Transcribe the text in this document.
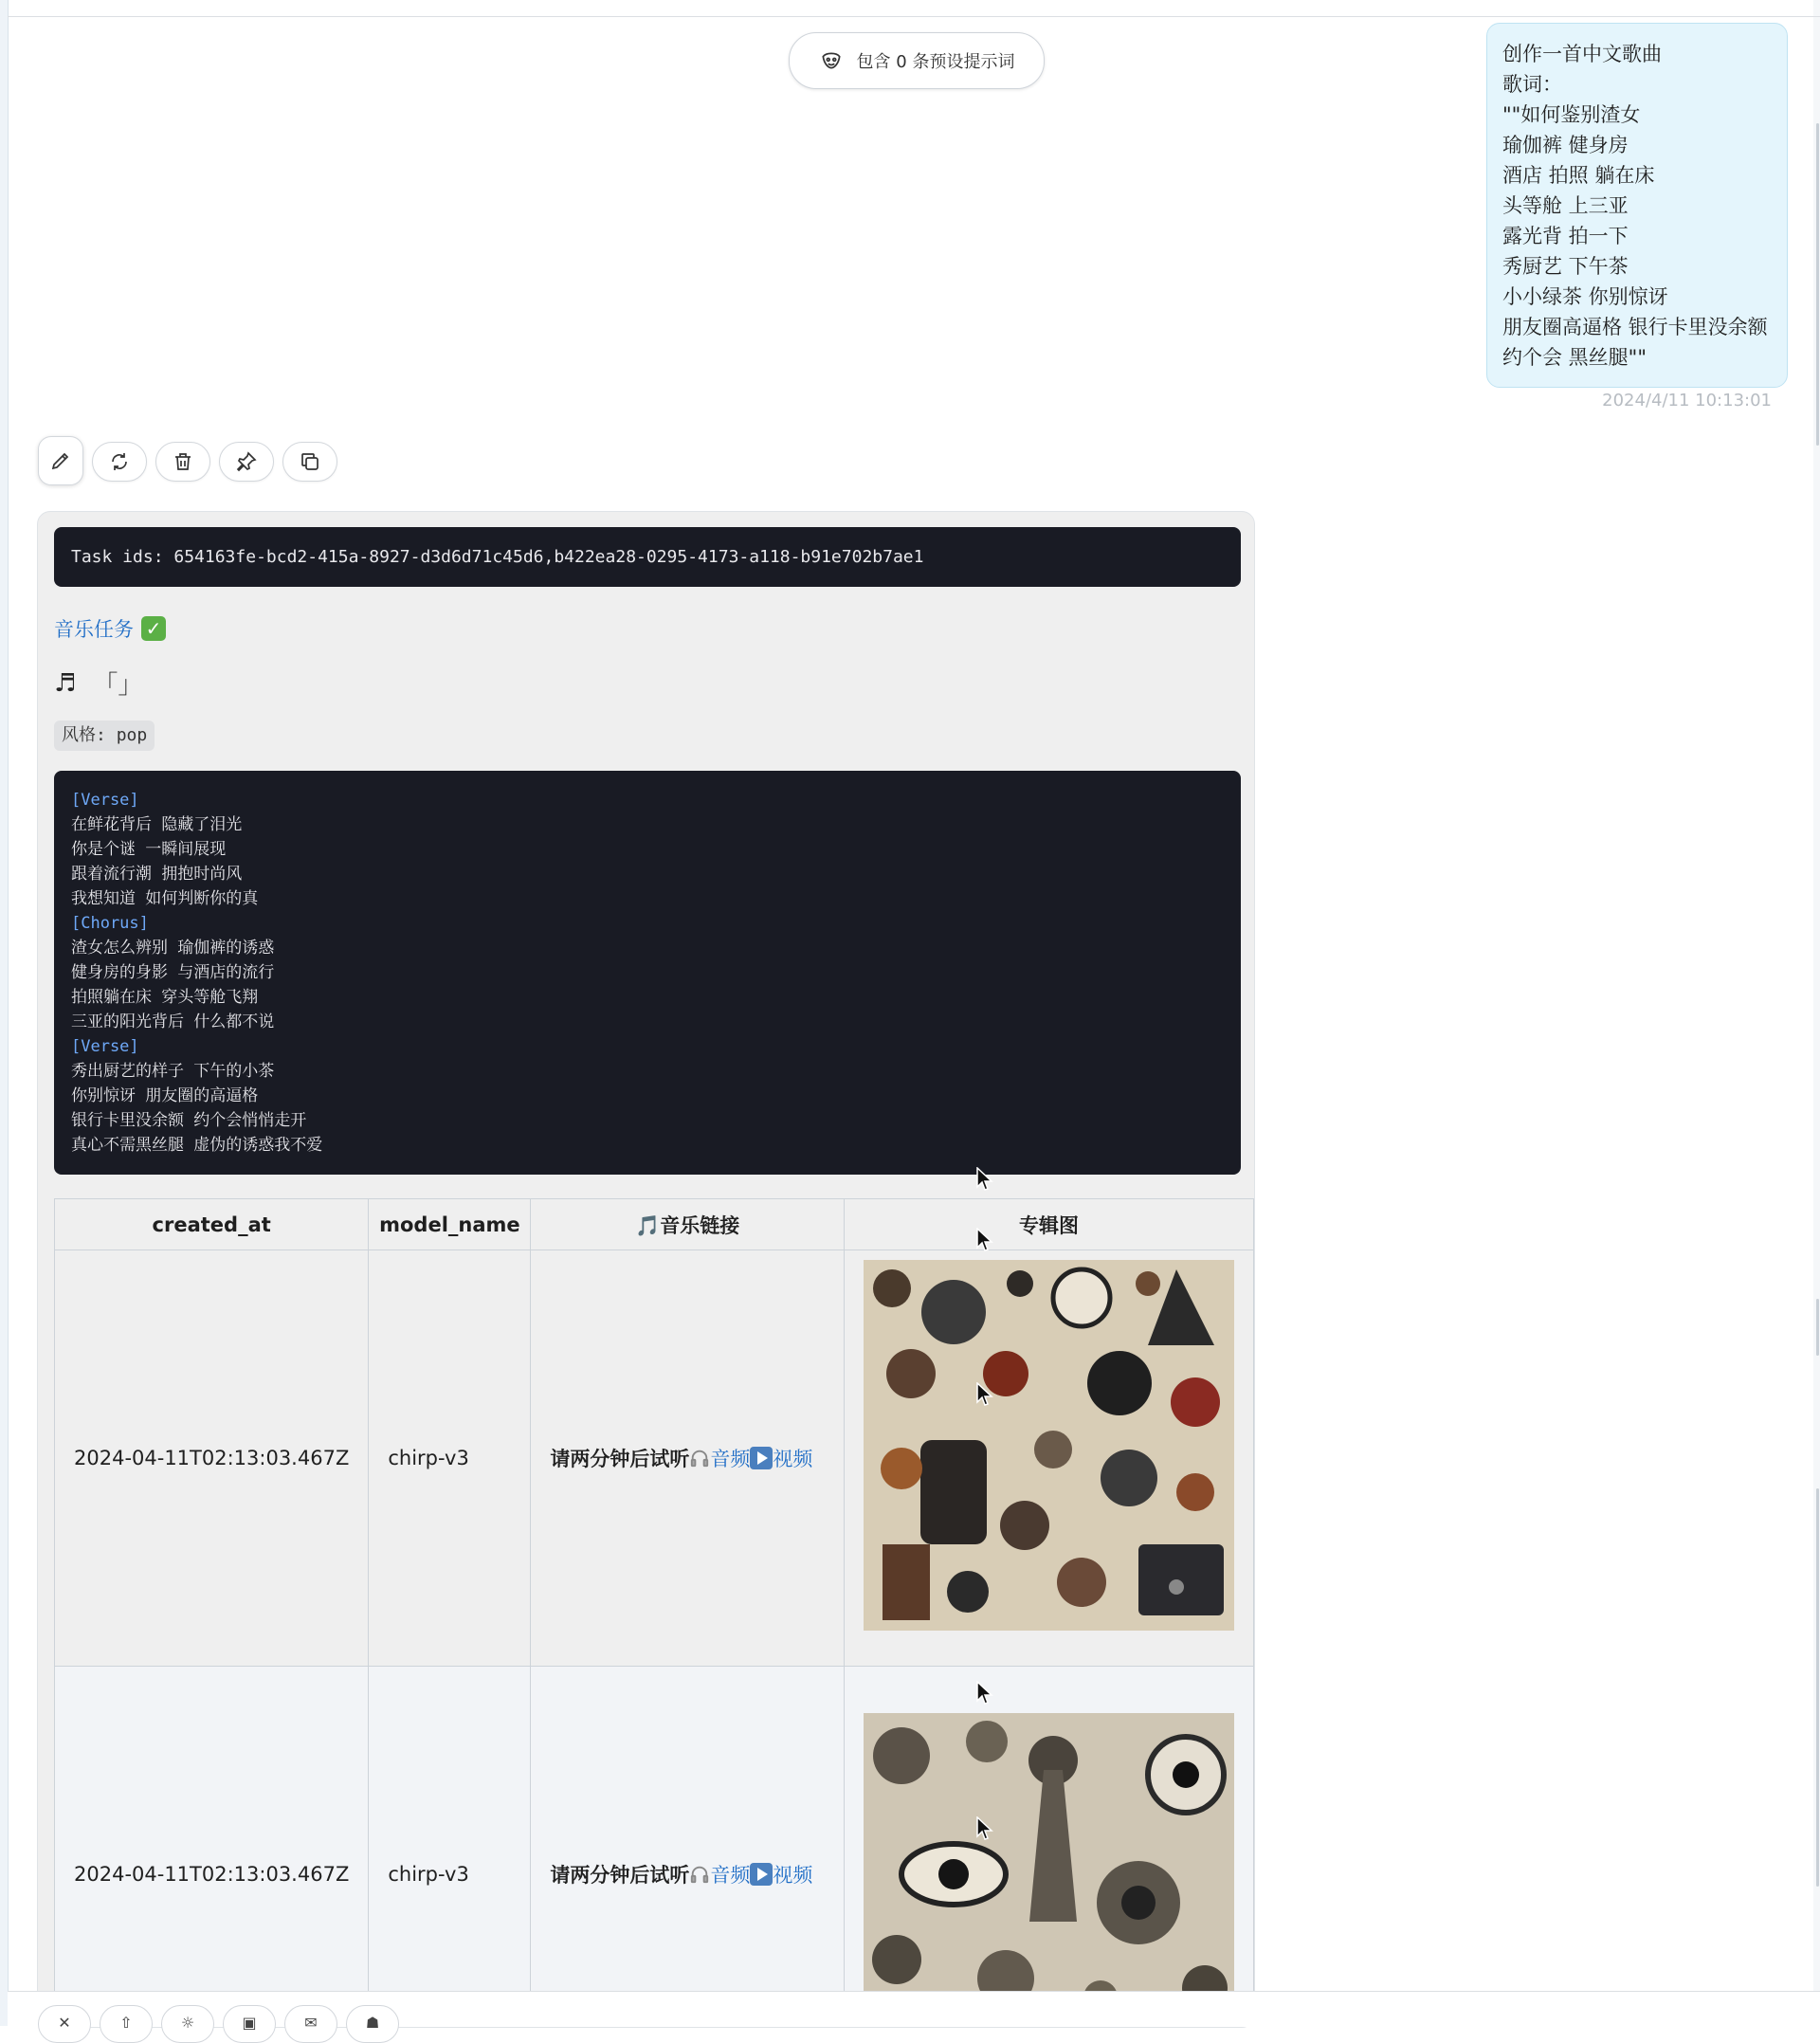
包含 0 条预设提示词	创作一首中文歌曲
歌词：
""如何鉴别渣女
瑜伽裤 健身房
酒店 拍照 躺在床
头等舱 上三亚
露光背 拍一下
秀厨艺 下午茶
小小绿茶 你别惊讶
朋友圈高逼格 银行卡里没余额
约个会 黑丝腿""
2024/4/11 10:13:01
Task ids: 654163fe-bcd2-415a-8927-d3d6d71c45d6,b422ea28-0295-4173-a118-b91e702b7ae1
音乐任务 ✓
♬ 「」
风格: pop
[Verse]
在鲜花背后 隐藏了泪光
你是个谜 一瞬间展现
跟着流行潮 拥抱时尚风
我想知道 如何判断你的真
[Chorus]
渣女怎么辨别 瑜伽裤的诱惑
健身房的身影 与酒店的流行
拍照躺在床 穿头等舱飞翔
三亚的阳光背后 什么都不说
[Verse]
秀出厨艺的样子 下午的小茶
你别惊讶 朋友圈的高逼格
银行卡里没余额 约个会悄悄走开
真心不需黑丝腿 虚伪的诱惑我不爱
created_at	model_name	🎵音乐链接	专辑图
2024-04-11T02:13:03.467Z	chirp-v3	请两分钟后试听 音频 视频	

2024-04-11T02:13:03.467Z	chirp-v3	请两分钟后试听 音频 视频	
✕	⇧	☼	▣	✉	☗
